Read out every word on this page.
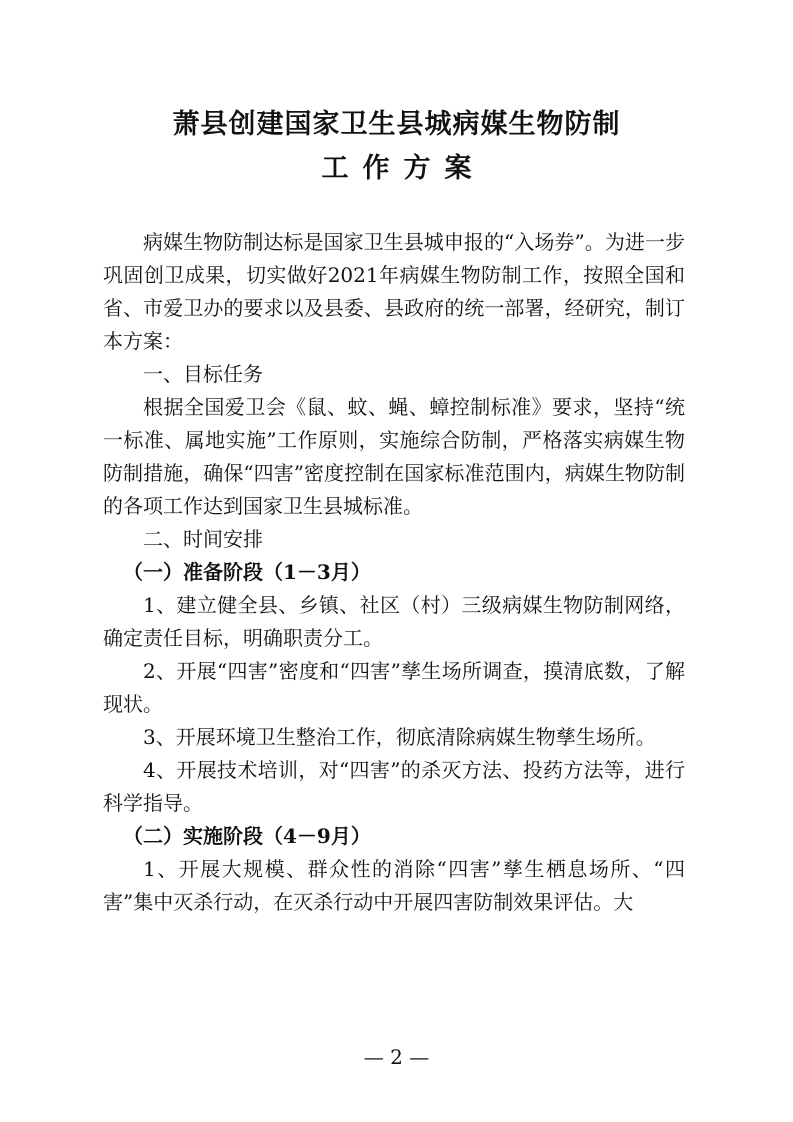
萧县创建国家卫生县城病媒生物防制
工作方案

病媒生物防制达标是国家卫生县城申报的“入场券”。为进一步巩固创卫成果，切实做好2021年病媒生物防制工作，按照全国和省、市爱卫办的要求以及县委、县政府的统一部署，经研究，制订本方案：

一、目标任务

根据全国爱卫会《鼠、蚊、蝇、蟑控制标准》要求，坚持“统一标准、属地实施”工作原则，实施综合防制，严格落实病媒生物防制措施，确保“四害”密度控制在国家标准范围内，病媒生物防制的各项工作达到国家卫生县城标准。

二、时间安排

（一）准备阶段（1－3月）

1、建立健全县、乡镇、社区（村）三级病媒生物防制网络，确定责任目标，明确职责分工。

2、开展“四害”密度和“四害”孳生场所调查，摸清底数，了解现状。

3、开展环境卫生整治工作，彻底清除病媒生物孳生场所。

4、开展技术培训，对“四害”的杀灭方法、投药方法等，进行科学指导。

（二）实施阶段（4－9月）

1、开展大规模、群众性的消除“四害”孳生栖息场所、“四害”集中灭杀行动，在灭杀行动中开展四害防制效果评估。大

— 2 —
